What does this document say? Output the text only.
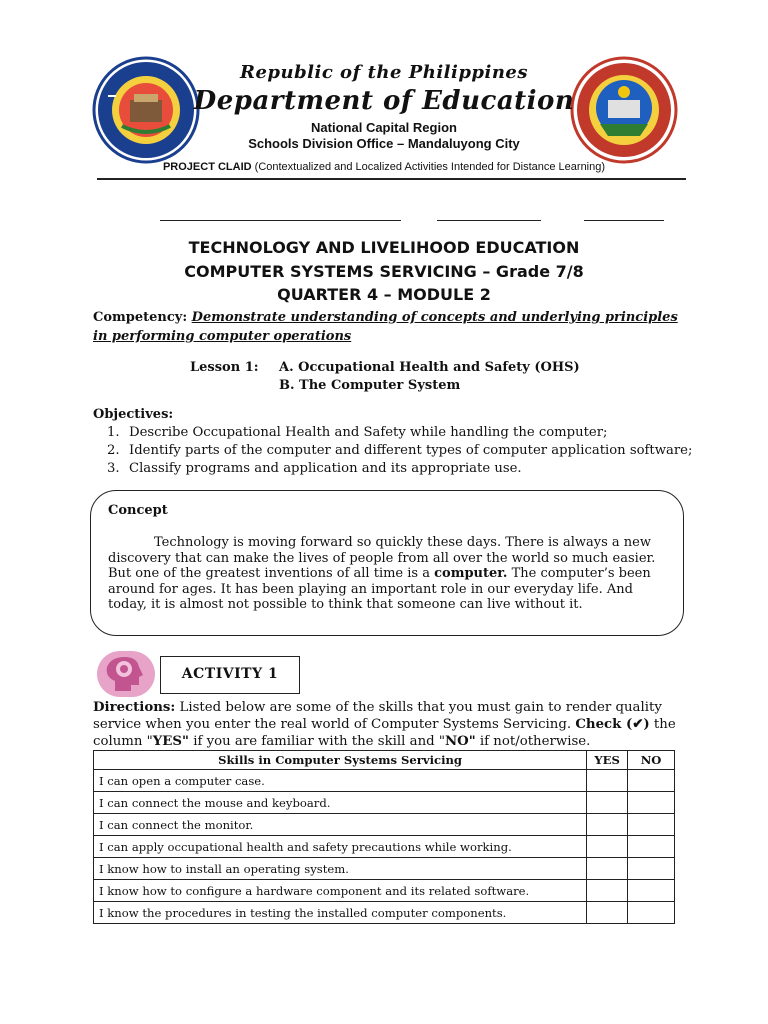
Republic of the Philippines
Department of Education
National Capital Region
Schools Division Office – Mandaluyong City
PROJECT CLAID (Contextualized and Localized Activities Intended for Distance Learning)
TECHNOLOGY AND LIVELIHOOD EDUCATION
COMPUTER SYSTEMS SERVICING – Grade 7/8
QUARTER 4 – MODULE 2
Competency: Demonstrate understanding of concepts and underlying principles in performing computer operations
Lesson 1: A. Occupational Health and Safety (OHS)
B. The Computer System
Objectives:
1. Describe Occupational Health and Safety while handling the computer;
2. Identify parts of the computer and different types of computer application software;
3. Classify programs and application and its appropriate use.
Concept
Technology is moving forward so quickly these days. There is always a new discovery that can make the lives of people from all over the world so much easier. But one of the greatest inventions of all time is a computer. The computer’s been around for ages. It has been playing an important role in our everyday life. And today, it is almost not possible to think that someone can live without it.
ACTIVITY 1
Directions: Listed below are some of the skills that you must gain to render quality service when you enter the real world of Computer Systems Servicing. Check (✔) the column "YES" if you are familiar with the skill and "NO" if not/otherwise.
Skills in Computer Systems Servicing	YES	NO
I can open a computer case.		
I can connect the mouse and keyboard.		
I can connect the monitor.		
I can apply occupational health and safety precautions while working.		
I know how to install an operating system.		
I know how to configure a hardware component and its related software.		
I know the procedures in testing the installed computer components.		
